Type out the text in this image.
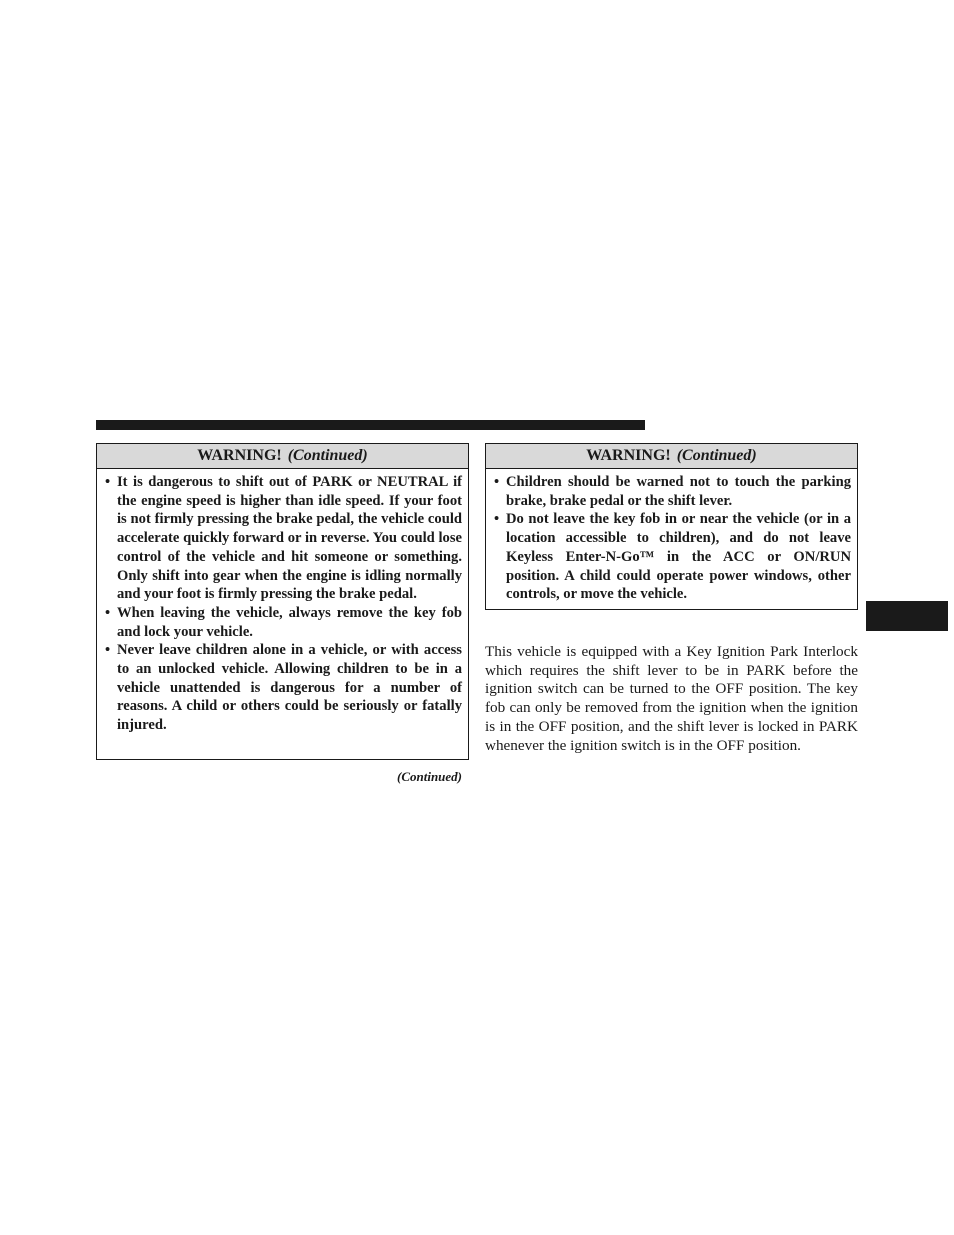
WARNING! (Continued)
• It is dangerous to shift out of PARK or NEUTRAL if the engine speed is higher than idle speed. If your foot is not firmly pressing the brake pedal, the vehicle could accelerate quickly forward or in reverse. You could lose control of the vehicle and hit someone or something. Only shift into gear when the engine is idling normally and your foot is firmly pressing the brake pedal.
• When leaving the vehicle, always remove the key fob and lock your vehicle.
• Never leave children alone in a vehicle, or with access to an unlocked vehicle. Allowing children to be in a vehicle unattended is dangerous for a number of reasons. A child or others could be seriously or fatally injured.
(Continued)
WARNING! (Continued)
• Children should be warned not to touch the parking brake, brake pedal or the shift lever.
• Do not leave the key fob in or near the vehicle (or in a location accessible to children), and do not leave Keyless Enter-N-Go™ in the ACC or ON/RUN position. A child could operate power windows, other controls, or move the vehicle.

This vehicle is equipped with a Key Ignition Park Interlock which requires the shift lever to be in PARK before the ignition switch can be turned to the OFF position. The key fob can only be removed from the ignition when the ignition is in the OFF position, and the shift lever is locked in PARK whenever the ignition switch is in the OFF position.
